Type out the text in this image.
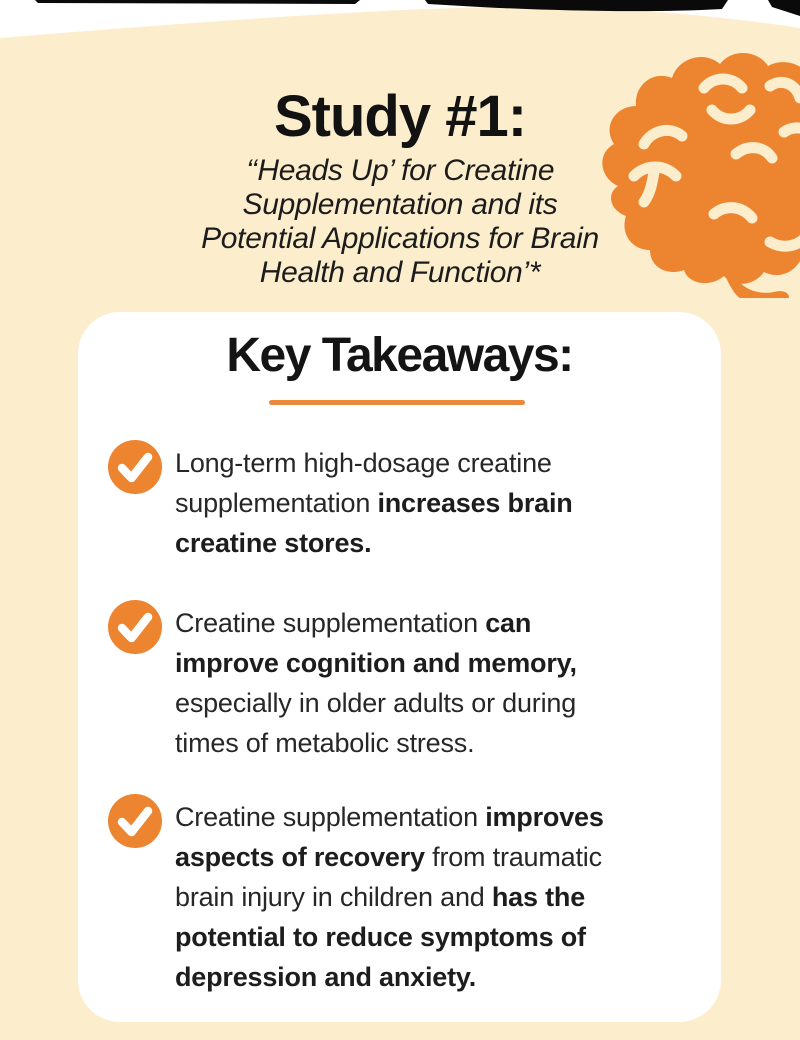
Study #1:
‘‘Heads Up’ for Creatine
Supplementation and its
Potential Applications for Brain
Health and Function’*
Key Takeaways:
Long-term high-dosage creatine
supplementation increases brain
creatine stores.
Creatine supplementation can
improve cognition and memory,
especially in older adults or during
times of metabolic stress.
Creatine supplementation improves
aspects of recovery from traumatic
brain injury in children and has the
potential to reduce symptoms of
depression and anxiety.
